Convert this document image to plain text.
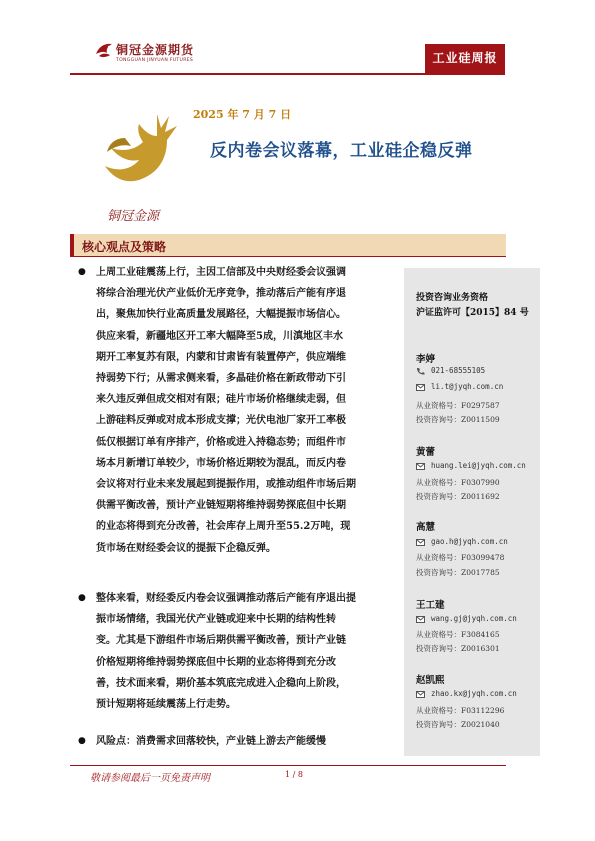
铜冠金源期货
TONGGUAN JINYUAN FUTURES	工业硅周报
铜冠金源
2025 年 7 月 7 日
反内卷会议落幕，工业硅企稳反弹
核心观点及策略
● 上周工业硅震荡上行，主因工信部及中央财经委会议强调
将综合治理光伏产业低价无序竞争，推动落后产能有序退
出，聚焦加快行业高质量发展路径，大幅提振市场信心。
供应来看，新疆地区开工率大幅降至5成，川滇地区丰水
期开工率复苏有限，内蒙和甘肃皆有装置停产，供应端维
持弱势下行；从需求侧来看，多晶硅价格在新政带动下引
来久违反弹但成交相对有限；硅片市场价格继续走弱，但
上游硅料反弹或对成本形成支撑；光伏电池厂家开工率极
低仅根据订单有序排产，价格或进入持稳态势；而组件市
场本月新增订单较少，市场价格近期较为混乱，而反内卷
会议将对行业未来发展起到提振作用，或推动组件市场后期
供需平衡改善，预计产业链短期将维持弱势探底但中长期
的业态将得到充分改善，社会库存上周升至55.2万吨，现
货市场在财经委会议的提振下企稳反弹。
● 整体来看，财经委反内卷会议强调推动落后产能有序退出提
振市场情绪，我国光伏产业链或迎来中长期的结构性转
变。尤其是下游组件市场后期供需平衡改善，预计产业链
价格短期将维持弱势探底但中长期的业态将得到充分改
善，技术面来看，期价基本筑底完成进入企稳向上阶段，
预计短期将延续震荡上行走势。
● 风险点：消费需求回落较快，产业链上游去产能缓慢
投资咨询业务资格
沪证监许可【2015】84 号
李婷
021-68555105
li.t@jyqh.com.cn
从业资格号：F0297587
投资咨询号：Z0011509
黄蕾
huang.lei@jyqh.com.cn
从业资格号：F0307990
投资咨询号：Z0011692
高慧
gao.h@jyqh.com.cn
从业资格号：F03099478
投资咨询号：Z0017785
王工建
wang.gj@jyqh.com.cn
从业资格号：F3084165
投资咨询号：Z0016301
赵凯熙
zhao.kx@jyqh.com.cn
从业资格号：F03112296
投资咨询号：Z0021040
敬请参阅最后一页免责声明	1 / 8
